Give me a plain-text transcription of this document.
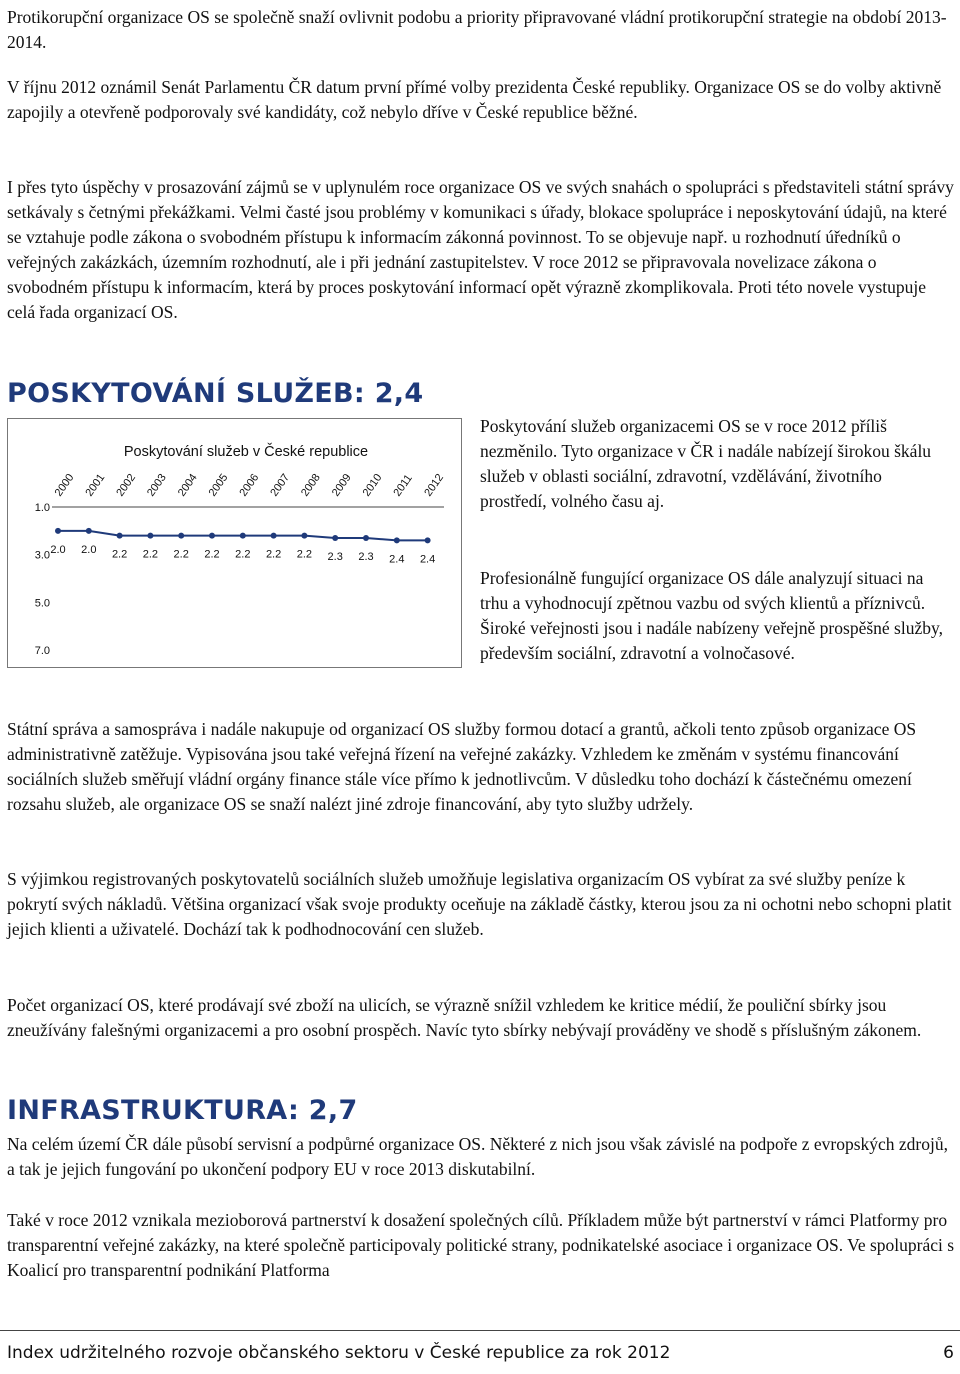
Protikorupční organizace OS se společně snaží ovlivnit podobu a priority připravované vládní protikorupční strategie na období 2013-2014.

V říjnu 2012 oznámil Senát Parlamentu ČR datum první přímé volby prezidenta České republiky. Organizace OS se do volby aktivně zapojily a otevřeně podporovaly své kandidáty, což nebylo dříve v České republice běžné.

I přes tyto úspěchy v prosazování zájmů se v uplynulém roce organizace OS ve svých snahách o spolupráci s představiteli státní správy setkávaly s četnými překážkami. Velmi časté jsou problémy v komunikaci s úřady, blokace spolupráce i neposkytování údajů, na které se vztahuje podle zákona o svobodném přístupu k informacím zákonná povinnost. To se objevuje např. u rozhodnutí úředníků o veřejných zakázkách, územním rozhodnutí, ale i při jednání zastupitelstev. V roce 2012 se připravovala novelizace zákona o svobodném přístupu k informacím, která by proces poskytování informací opět výrazně zkomplikovala. Proti této novele vystupuje celá řada organizací OS.

POSKYTOVÁNÍ SLUŽEB: 2,4
Poskytování služeb v České republice
1.0
3.0
5.0
7.0
2000 2001 2002 2003 2004 2005 2006 2007 2008 2009 2010 2011 2012
2.0 2.0 2.2 2.2 2.2 2.2 2.2 2.2 2.2 2.3 2.3 2.4 2.4

Poskytování služeb organizacemi OS se v roce 2012 příliš nezměnilo. Tyto organizace v ČR i nadále nabízejí širokou škálu služeb v oblasti sociální, zdravotní, vzdělávání, životního prostředí, volného času aj.

Profesionálně fungující organizace OS dále analyzují situaci na trhu a vyhodnocují zpětnou vazbu od svých klientů a příznivců. Široké veřejnosti jsou i nadále nabízeny veřejně prospěšné služby, především sociální, zdravotní a volnočasové.

Státní správa a samospráva i nadále nakupuje od organizací OS služby formou dotací a grantů, ačkoli tento způsob organizace OS administrativně zatěžuje. Vypisována jsou také veřejná řízení na veřejné zakázky. Vzhledem ke změnám v systému financování sociálních služeb směřují vládní orgány finance stále více přímo k jednotlivcům. V důsledku toho dochází k částečnému omezení rozsahu služeb, ale organizace OS se snaží nalézt jiné zdroje financování, aby tyto služby udržely.

S výjimkou registrovaných poskytovatelů sociálních služeb umožňuje legislativa organizacím OS vybírat za své služby peníze k pokrytí svých nákladů. Většina organizací však svoje produkty oceňuje na základě částky, kterou jsou za ni ochotni nebo schopni platit jejich klienti a uživatelé. Dochází tak k podhodnocování cen služeb.

Počet organizací OS, které prodávají své zboží na ulicích, se výrazně snížil vzhledem ke kritice médií, že pouliční sbírky jsou zneužívány falešnými organizacemi a pro osobní prospěch. Navíc tyto sbírky nebývají prováděny ve shodě s příslušným zákonem.

INFRASTRUKTURA: 2,7

Na celém území ČR dále působí servisní a podpůrné organizace OS. Některé z nich jsou však závislé na podpoře z evropských zdrojů, a tak je jejich fungování po ukončení podpory EU v roce 2013 diskutabilní.

Také v roce 2012 vznikala mezioborová partnerství k dosažení společných cílů. Příkladem může být partnerství v rámci Platformy pro transparentní veřejné zakázky, na které společně participovaly politické strany, podnikatelské asociace i organizace OS. Ve spolupráci s Koalicí pro transparentní podnikání Platforma

Index udržitelného rozvoje občanského sektoru v České republice za rok 2012	6
